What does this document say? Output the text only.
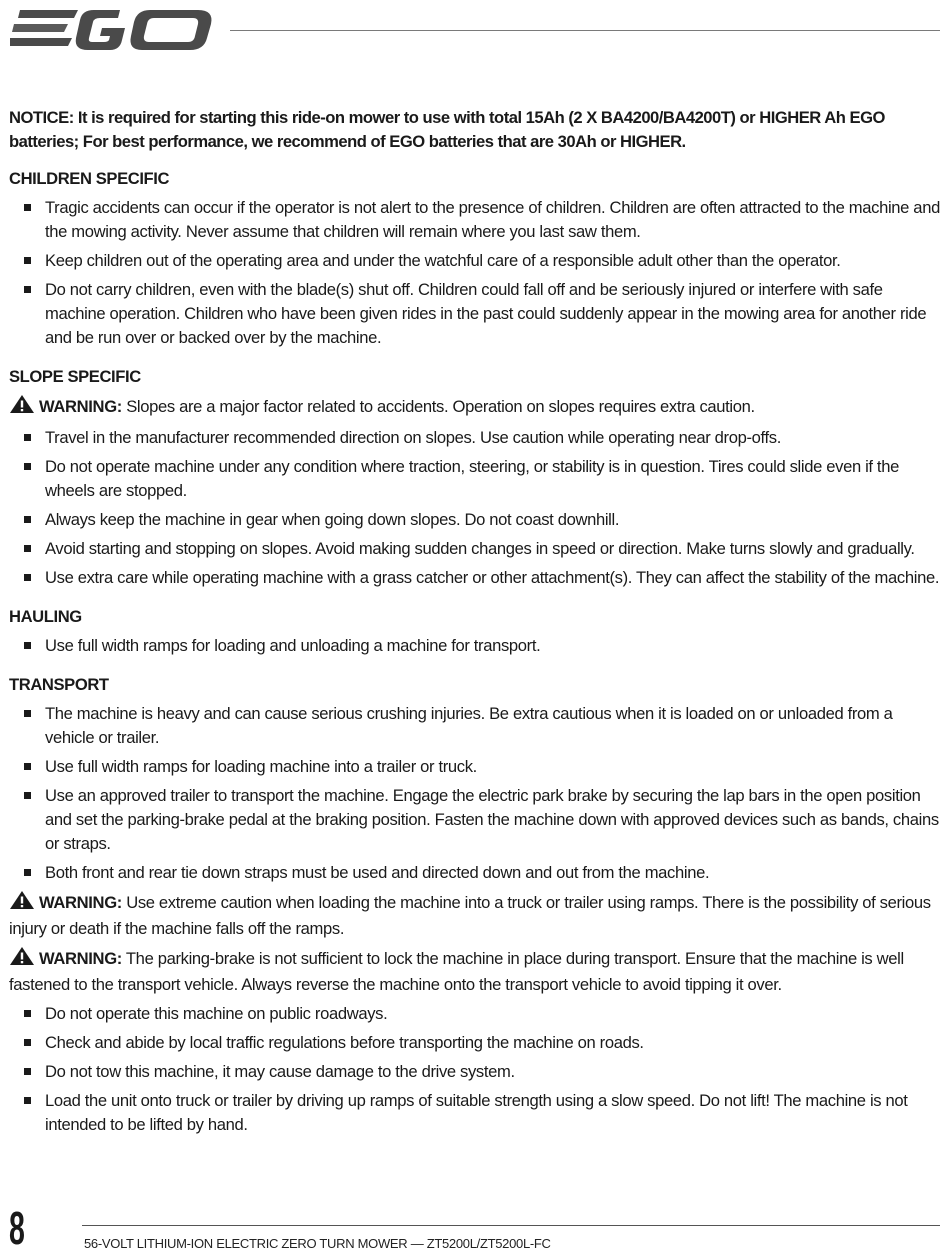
NOTICE: It is required for starting this ride-on mower to use with total 15Ah (2 X BA4200/BA4200T) or HIGHER Ah EGO batteries; For best performance, we recommend of EGO batteries that are 30Ah or HIGHER.

CHILDREN SPECIFIC
Tragic accidents can occur if the operator is not alert to the presence of children. Children are often attracted to the machine and the mowing activity. Never assume that children will remain where you last saw them.
Keep children out of the operating area and under the watchful care of a responsible adult other than the operator.
Do not carry children, even with the blade(s) shut off. Children could fall off and be seriously injured or interfere with safe machine operation. Children who have been given rides in the past could suddenly appear in the mowing area for another ride and be run over or backed over by the machine.
SLOPE SPECIFIC

WARNING: Slopes are a major factor related to accidents. Operation on slopes requires extra caution.

Travel in the manufacturer recommended direction on slopes. Use caution while operating near drop-offs.
Do not operate machine under any condition where traction, steering, or stability is in question. Tires could slide even if the wheels are stopped.
Always keep the machine in gear when going down slopes. Do not coast downhill.
Avoid starting and stopping on slopes. Avoid making sudden changes in speed or direction. Make turns slowly and gradually.
Use extra care while operating machine with a grass catcher or other attachment(s). They can affect the stability of the machine.
HAULING
Use full width ramps for loading and unloading a machine for transport.
TRANSPORT
The machine is heavy and can cause serious crushing injuries. Be extra cautious when it is loaded on or unloaded from a vehicle or trailer.
Use full width ramps for loading machine into a trailer or truck.
Use an approved trailer to transport the machine. Engage the electric park brake by securing the lap bars in the open position and set the parking-brake pedal at the braking position. Fasten the machine down with approved devices such as bands, chains or straps.
Both front and rear tie down straps must be used and directed down and out from the machine.

WARNING: Use extreme caution when loading the machine into a truck or trailer using ramps. There is the possibility of serious injury or death if the machine falls off the ramps.

WARNING: The parking-brake is not sufficient to lock the machine in place during transport. Ensure that the machine is well fastened to the transport vehicle. Always reverse the machine onto the transport vehicle to avoid tipping it over.

Do not operate this machine on public roadways.
Check and abide by local traffic regulations before transporting the machine on roads.
Do not tow this machine, it may cause damage to the drive system.
Load the unit onto truck or trailer by driving up ramps of suitable strength using a slow speed. Do not lift! The machine is not intended to be lifted by hand.
8	56-VOLT LITHIUM-ION ELECTRIC ZERO TURN MOWER — ZT5200L/ZT5200L-FC
